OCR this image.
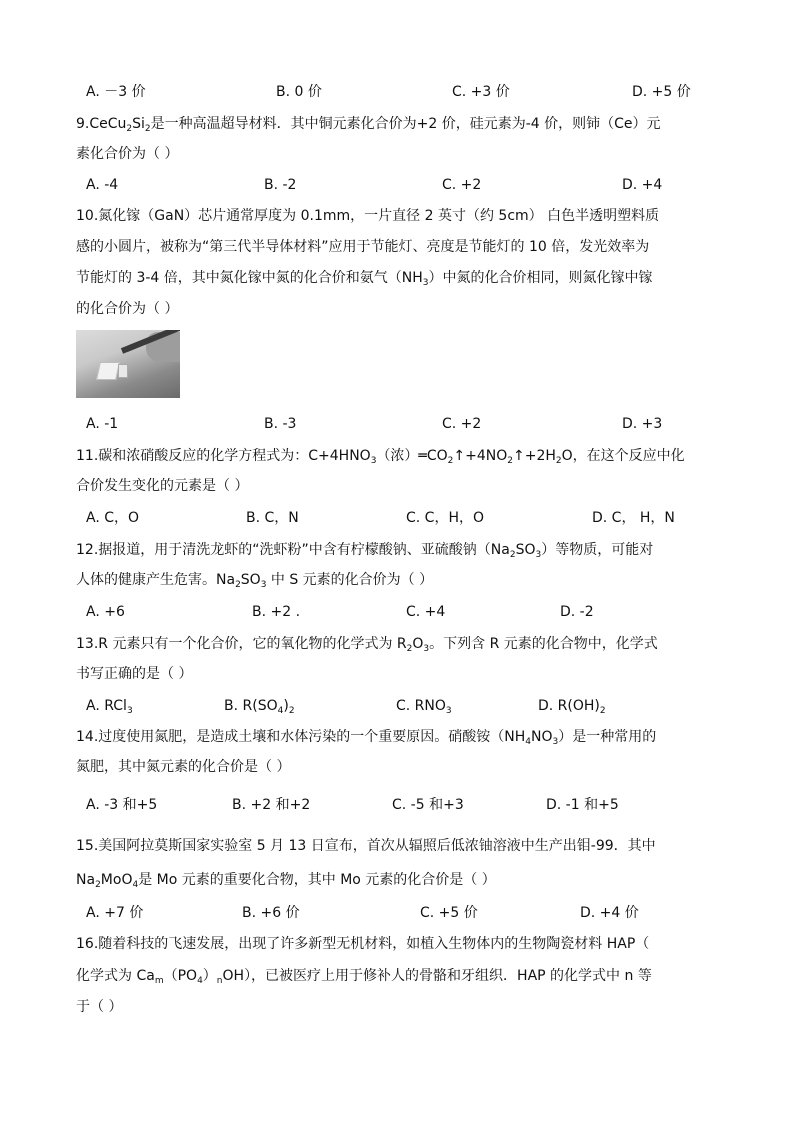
A. －3 价	B. 0 价	C. +3 价	D. +5 价
$9.CeCu_2Si_2$是一种高温超导材料．其中铜元素化合价为+2 价，硅元素为-4 价，则铈（Ce）元
素化合价为（ ）
A. -4	B. -2	C. +2	D. +4
10.氮化镓（GaN）芯片通常厚度为 0.1mm，一片直径 2 英寸（约 5cm） 白色半透明塑料质
感的小圆片，被称为“第三代半导体材料”应用于节能灯、亮度是节能灯的 10 倍，发光效率为
节能灯的 3-4 倍，其中氮化镓中氮的化合价和氨气$(NH_3)$中氮的化合价相同，则氮化镓中镓
的化合价为（ ）
A. -1	B. -3	C. +2	D. +3
11.碳和浓硝酸反应的化学方程式为：$C+4HNO_3$（浓）$═CO_2↑+4NO_2↑+2H_2O$，在这个反应中化
合价发生变化的元素是（ ）
A. C，O	B. C，N	C. C，H，O	D. C， H，N
12.据报道，用于清洗龙虾的“洗虾粉”中含有柠檬酸钠、亚硫酸钠$(Na_2SO_3)$等物质，可能对
人体的健康产生危害。$Na_2SO_3$ 中 S 元素的化合价为（ ）
A. +6	B. +2 .	C. +4	D. -2
13.R 元素只有一个化合价，它的氧化物的化学式为 $R_2O_3$。下列含 R 元素的化合物中，化学式
书写正确的是（ ）
A. RCl$_3$	B. $R(SO_4)_2$	C. $RNO_3$	D. $R(OH)_2$
14.过度使用氮肥，是造成土壤和水体污染的一个重要原因。硝酸铵$(NH_4NO_3)$是一种常用的
氮肥，其中氮元素的化合价是（ ）
A. -3 和+5	B. +2 和+2	C. -5 和+3	D. -1 和+5
15.美国阿拉莫斯国家实验室 5 月 13 日宣布，首次从辐照后低浓铀溶液中生产出钼-99．其中
$Na_2MoO_4$是 Mo 元素的重要化合物，其中 Mo 元素的化合价是（ ）
A. +7 价	B. +6 价	C. +5 价	D. +4 价
16.随着科技的飞速发展，出现了许多新型无机材料，如植入生物体内的生物陶瓷材料 HAP（
化学式为 $Ca_m(PO_4)_nOH$），已被医疗上用于修补人的骨骼和牙组织．HAP 的化学式中 n 等
于（ ）
